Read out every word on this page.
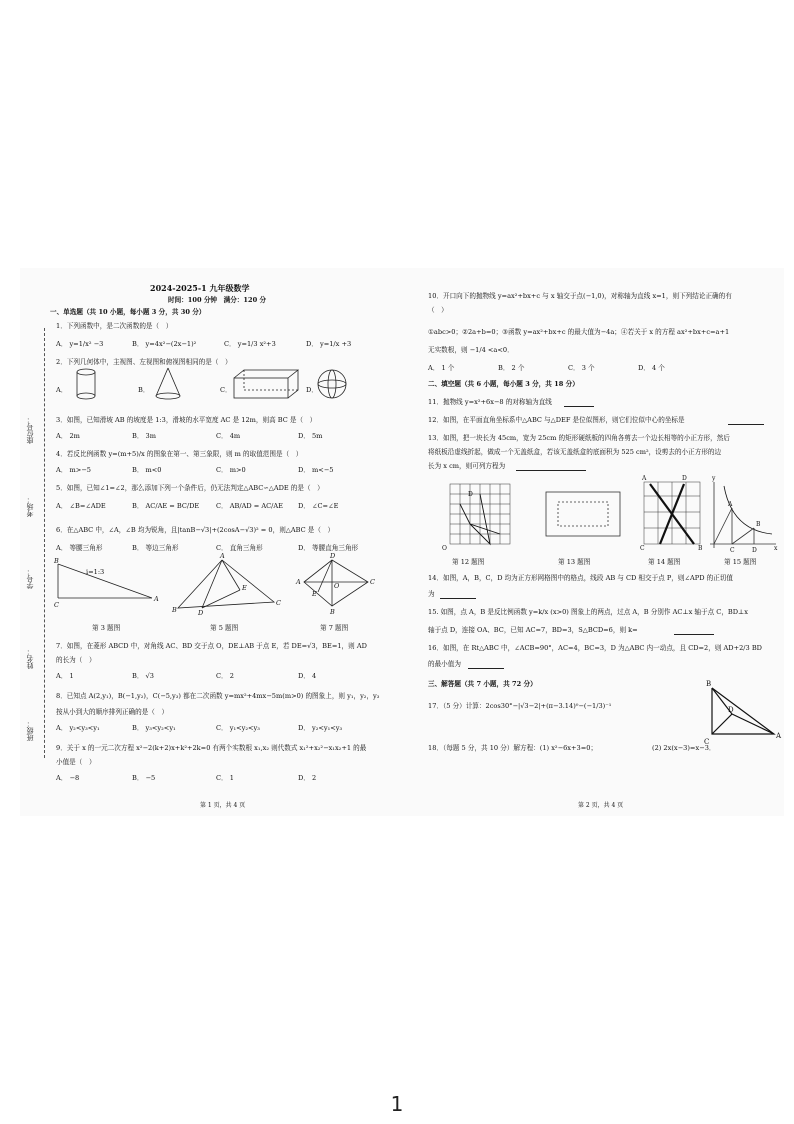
座位号：
考场：
学号：
姓名：
班级：
2024-2025-1 九年级数学
时间：100 分钟　满分：120 分
一、单选题（共 10 小题，每小题 3 分，共 30 分）
1．下列函数中，是二次函数的是（　）
A． y=1/x² −3	B． y=4x²−(2x−1)²	C． y=1/3 x²+3	D． y=1/x +3
2．下列几何体中，主视图、左视图和俯视图相同的是（　）
A．	B．	C．	D．
3．如图，已知滑坡 AB 的坡度是 1:3，滑坡的水平宽度 AC 是 12m，则高 BC 是（　）
A． 2m	B． 3m	C． 4m	D． 5m
4．若反比例函数 y=(m+5)/x 的图象在第一、第三象限，则 m 的取值范围是（　）
A． m>−5	B． m<0	C． m>0	D． m<−5
5．如图，已知∠1=∠2，那么添加下列一个条件后，仍无法判定△ABC∽△ADE 的是（　）
A． ∠B=∠ADE	B． AC/AE = BC/DE	C． AB/AD = AC/AE D． ∠C=∠E
6．在△ABC 中，∠A，∠B 均为锐角，且|tanB−√3|+(2cosA−√3)² = 0，则△ABC 是（　）
A． 等腰三角形	B． 等边三角形	C． 直角三角形	D． 等腰直角三角形
B
C
A
A
B	D
C
E
D
A	C
B
O
E
i=1:3
第 3 题图	第 5 题图	第 7 题图
7．如图，在菱形 ABCD 中，对角线 AC、BD 交于点 O，DE⊥AB 于点 E，若 DE=√3，BE=1，则 AD
的长为（　）
A． 1	B． √3	C． 2	D． 4
8．已知点 A(2,y₁)，B(−1,y₂)，C(−5,y₃) 都在二次函数 y=mx²+4mx−5m(m>0) 的图象上，则 y₁，y₂，y₃
按从小到大的顺序排列正确的是（　）
A． y₂<y₃<y₁	B． y₃<y₂<y₁	C． y₁<y₂<y₃	D． y₂<y₁<y₃
9．关于 x 的一元二次方程 x²−2(k+2)x+k²+2k=0 有两个实数根 x₁,x₂ 则代数式 x₁²+x₂²−x₁x₂+1 的最
小值是（　）
A． −8	B． −5	C． 1	D． 2
第 1 页，共 4 页
10．开口向下的抛物线 y=ax²+bx+c 与 x 轴交于点(−1,0)，对称轴为直线 x=1，则下列结论正确的有
（　）
①abc>0；②2a+b=0；③函数 y=ax²+bx+c 的最大值为−4a；④若关于 x 的方程 ax²+bx+c=a+1
无实数根，则 −1/4 <a<0．
A． 1 个	B． 2 个	C． 3 个	D． 4 个
二、填空题（共 6 小题，每小题 3 分，共 18 分）
11．抛物线 y=x²+6x−8 的对称轴为直线
12．如图，在平面直角坐标系中△ABC 与△DEF 是位似图形，则它们位似中心的坐标是
13．如图，把一块长为 45cm，宽为 25cm 的矩形硬纸板的四角各剪去一个边长相等的小正方形，然后
将纸板沿虚线折起，做成一个无盖纸盒，若该无盖纸盒的底面积为 525 cm²，设剪去的小正方形的边
长为 x cm，则可列方程为
O
D
A	D
C	B
A
B
C	D	x
y
第 12 题图	第 13 题图	第 14 题图	第 15 题图
14．如图，A，B，C，D 均为正方形网格图中的格点，线段 AB 与 CD 相交于点 P，则∠APD 的正切值
为
15. 如图，点 A，B 是反比例函数 y=k/x (x>0) 图象上的两点，过点 A，B 分别作 AC⊥x 轴于点 C，BD⊥x
轴于点 D，连接 OA、BC，已知 AC=7，BD=3，S△BCD=6，则 k=
16．如图，在 Rt△ABC 中，∠ACB=90°，AC=4，BC=3，D 为△ABC 内一动点，且 CD=2，则 AD+2/3 BD
的最小值为
B
C
A
D
三、解答题（共 7 小题，共 72 分）
17．（5 分）计算：2cos30°−|√3−2|+(π−3.14)⁰−(−1/3)⁻¹
18．（每题 5 分，共 10 分）解方程：(1) x²−6x+3=0；	(2) 2x(x−3)=x−3．
第 2 页，共 4 页
1
